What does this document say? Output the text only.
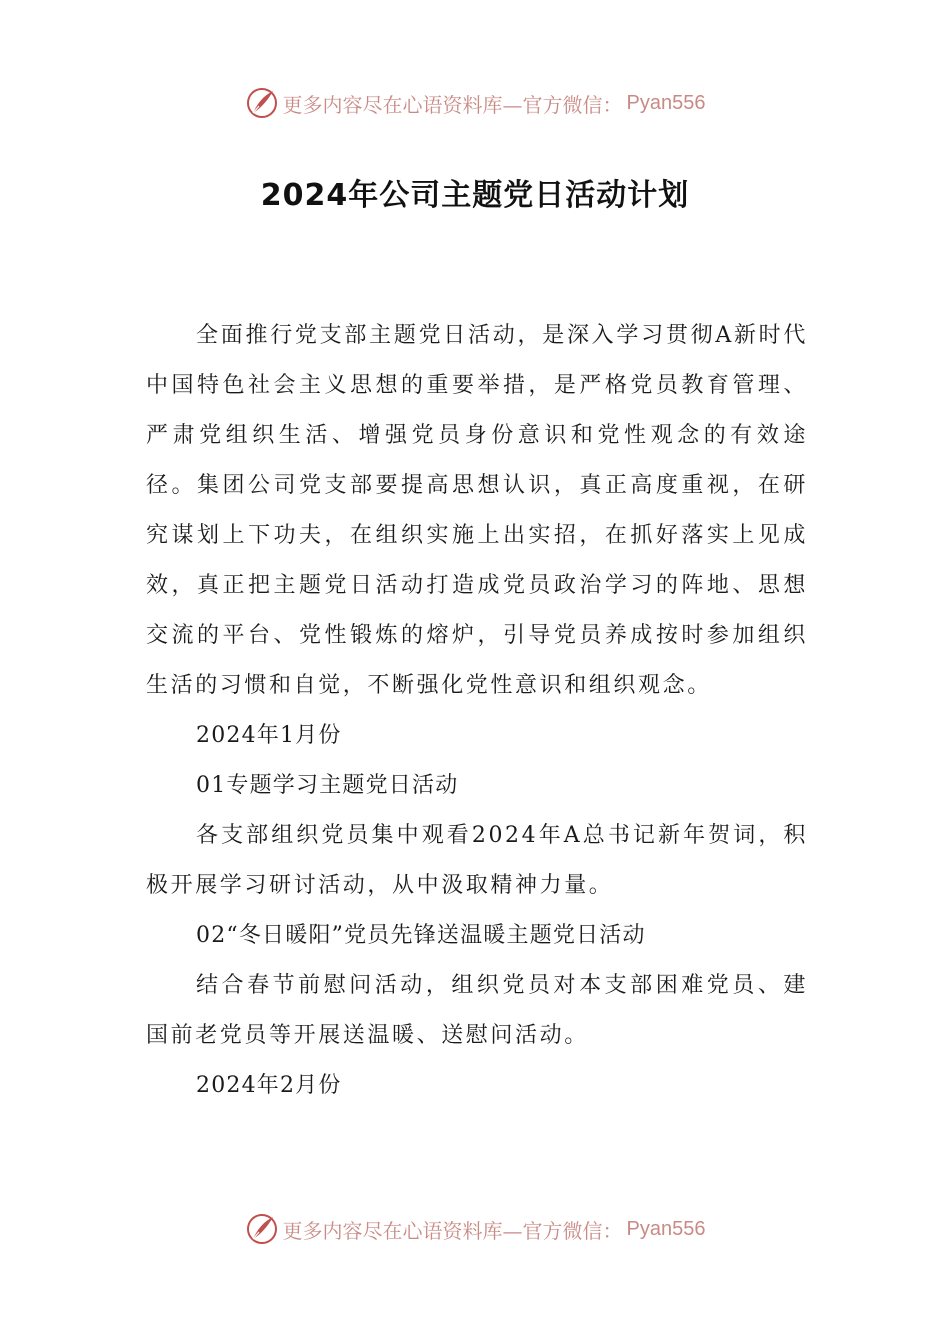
更多内容尽在心语资料库—官方微信： Pyan556
2024年公司主题党日活动计划

全面推行党支部主题党日活动，是深入学习贯彻A新时代中国特色社会主义思想的重要举措，是严格党员教育管理、严肃党组织生活、增强党员身份意识和党性观念的有效途径。集团公司党支部要提高思想认识，真正高度重视，在研究谋划上下功夫，在组织实施上出实招，在抓好落实上见成效，真正把主题党日活动打造成党员政治学习的阵地、思想交流的平台、党性锻炼的熔炉，引导党员养成按时参加组织生活的习惯和自觉，不断强化党性意识和组织观念。

2024年1月份

01专题学习主题党日活动

各支部组织党员集中观看2024年A总书记新年贺词，积极开展学习研讨活动，从中汲取精神力量。

02“冬日暖阳”党员先锋送温暖主题党日活动

结合春节前慰问活动，组织党员对本支部困难党员、建国前老党员等开展送温暖、送慰问活动。

2024年2月份

更多内容尽在心语资料库—官方微信： Pyan556
